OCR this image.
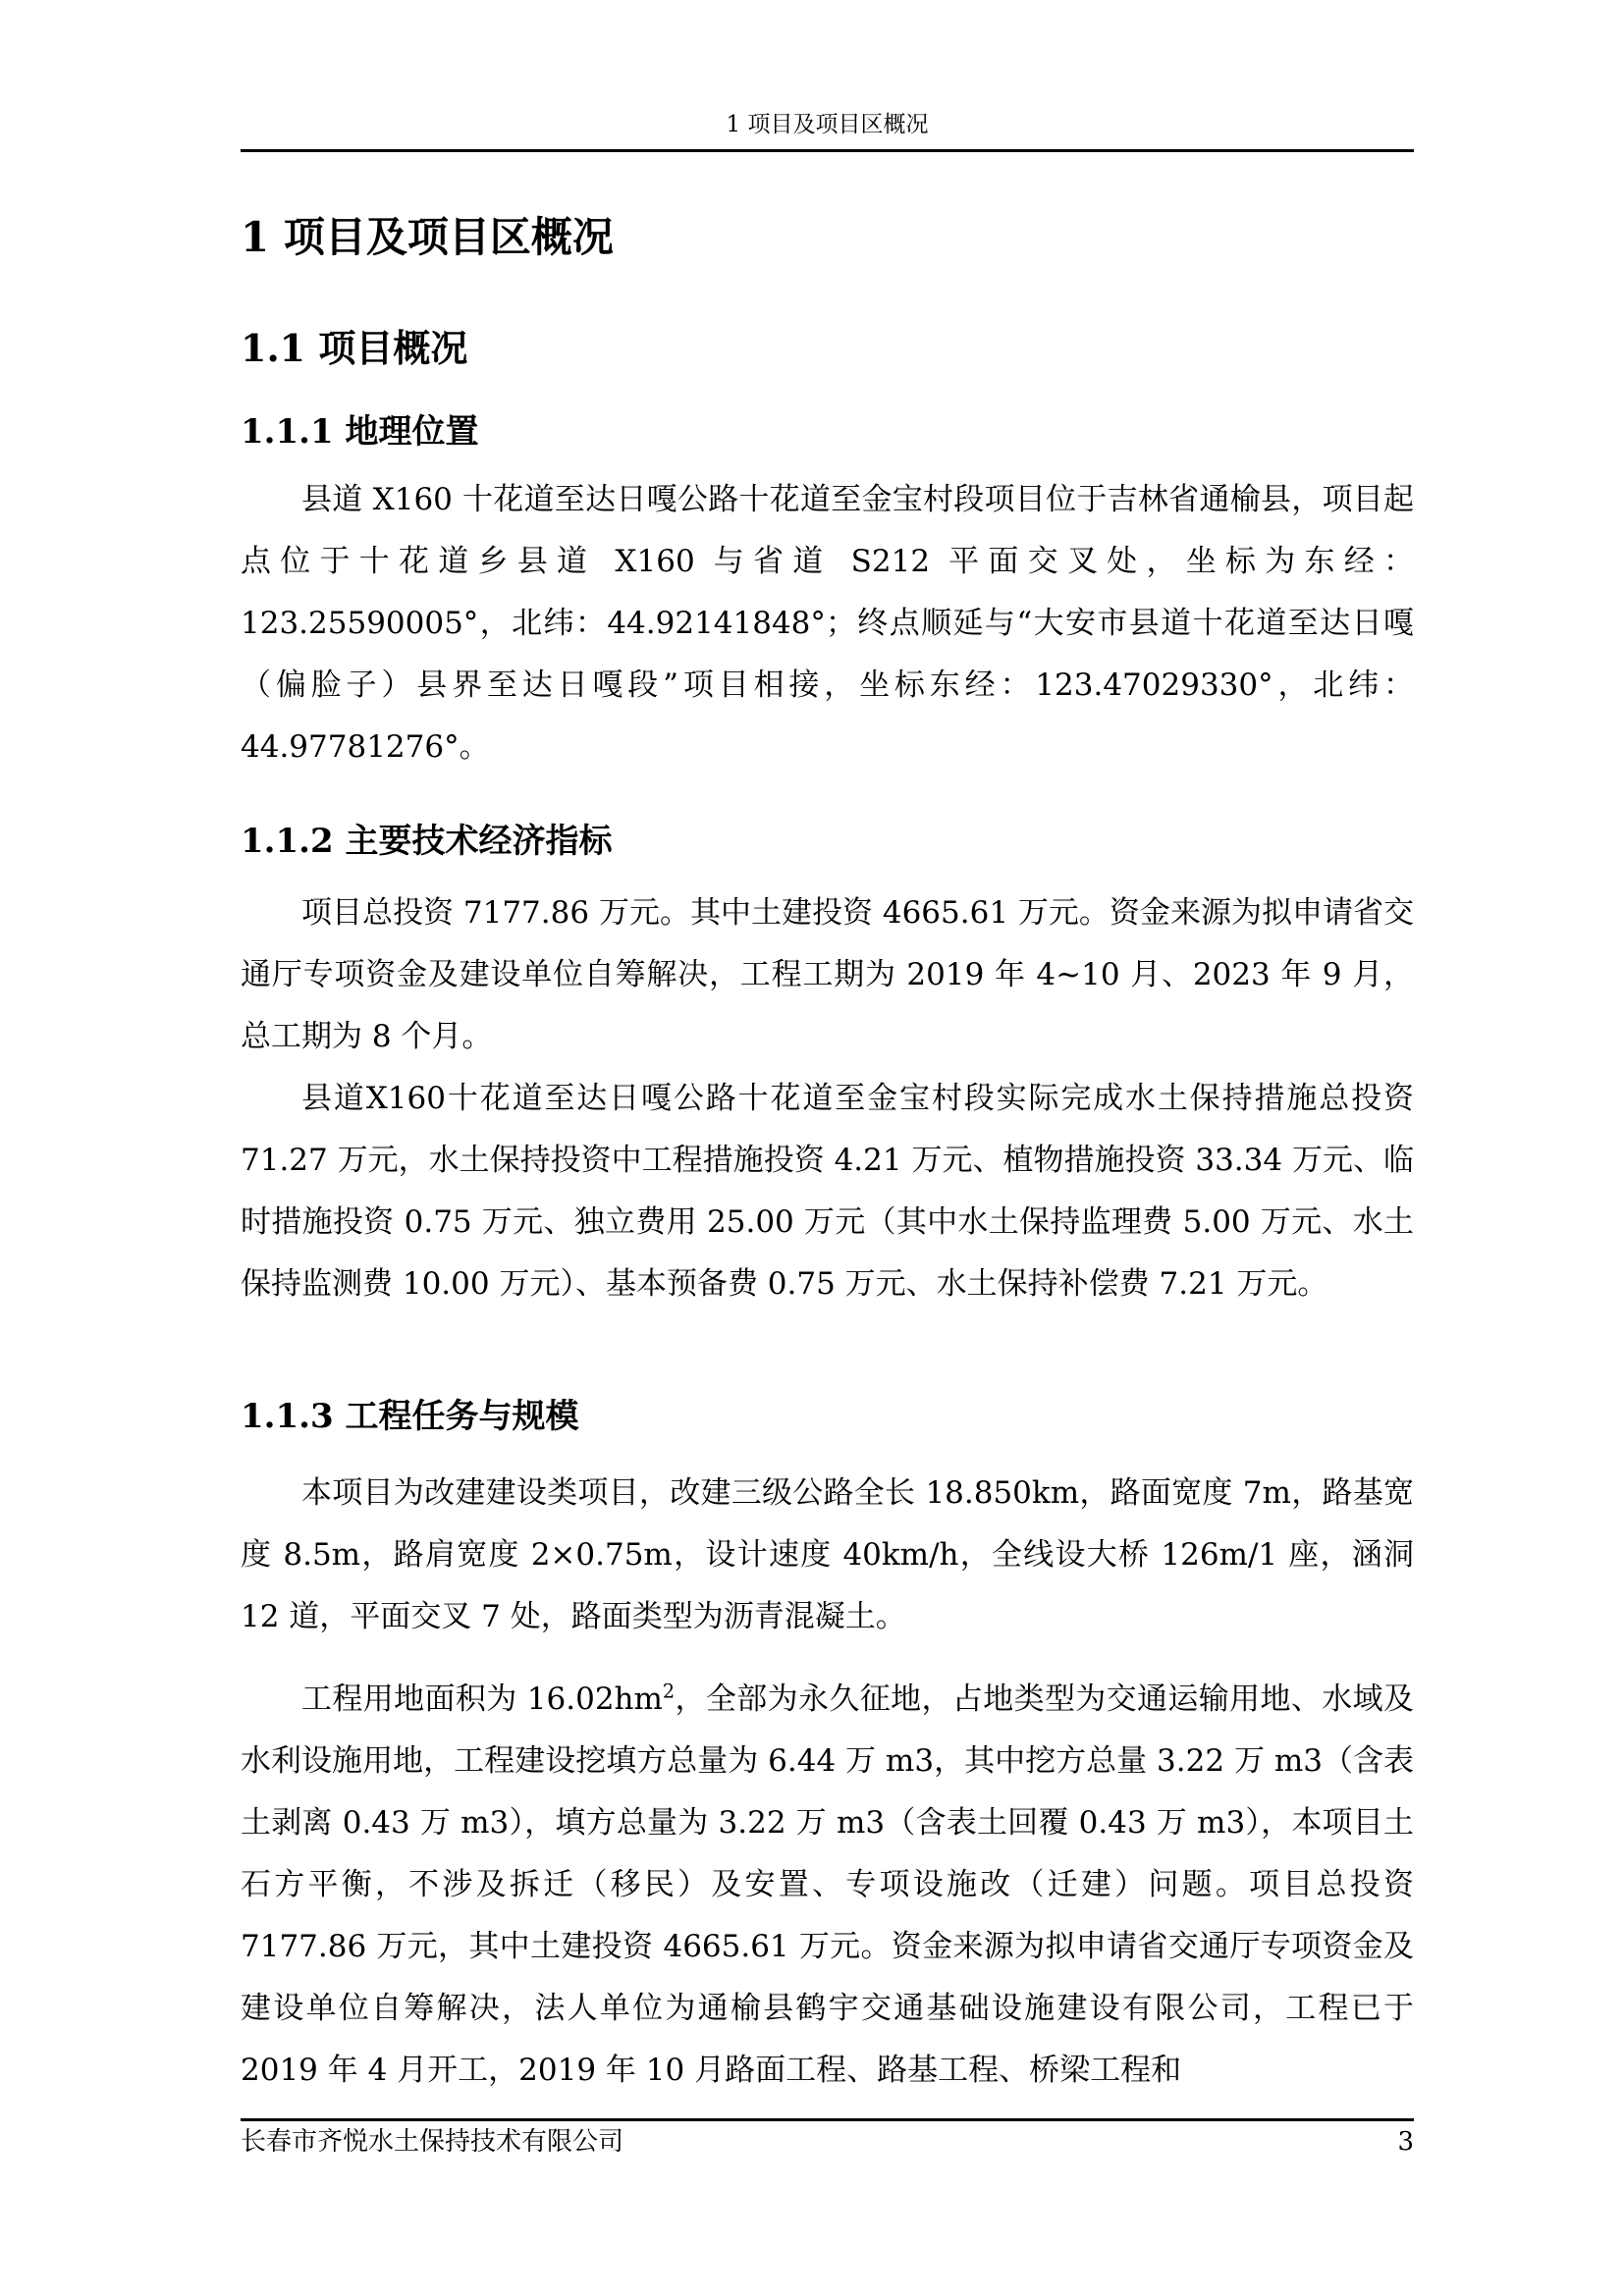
1 项目及项目区概况
1 项目及项目区概况
1.1 项目概况
1.1.1 地理位置

县道 X160 十花道至达日嘎公路十花道至金宝村段项目位于吉林省通榆县，项目起点位于十花道乡县道 X160 与省道 S212 平面交叉处，坐标为东经：123.25590005°，北纬：44.92141848°；终点顺延与“大安市县道十花道至达日嘎（偏脸子）县界至达日嘎段”项目相接，坐标东经：123.47029330°，北纬：44.97781276°。

1.1.2 主要技术经济指标

项目总投资 7177.86 万元。其中土建投资 4665.61 万元。资金来源为拟申请省交通厅专项资金及建设单位自筹解决，工程工期为 2019 年 4~10 月、2023 年 9 月，总工期为 8 个月。

县道X160十花道至达日嘎公路十花道至金宝村段实际完成水土保持措施总投资 71.27 万元，水土保持投资中工程措施投资 4.21 万元、植物措施投资 33.34 万元、临时措施投资 0.75 万元、独立费用 25.00 万元（其中水土保持监理费 5.00 万元、水土保持监测费 10.00 万元）、基本预备费 0.75 万元、水土保持补偿费 7.21 万元。

1.1.3 工程任务与规模

本项目为改建建设类项目，改建三级公路全长 18.850km，路面宽度 7m，路基宽度 8.5m，路肩宽度 2×0.75m，设计速度 40km/h，全线设大桥 126m/1 座，涵洞 12 道，平面交叉 7 处，路面类型为沥青混凝土。

工程用地面积为 $16.02hm^2$，全部为永久征地，占地类型为交通运输用地、水域及水利设施用地，工程建设挖填方总量为 6.44 万 m3，其中挖方总量 3.22 万 m3（含表土剥离 0.43 万 m3），填方总量为 3.22 万 m3（含表土回覆 0.43 万 m3），本项目土石方平衡，不涉及拆迁（移民）及安置、专项设施改（迁建）问题。项目总投资 7177.86 万元，其中土建投资 4665.61 万元。资金来源为拟申请省交通厅专项资金及建设单位自筹解决，法人单位为通榆县鹤宇交通基础设施建设有限公司，工程已于 2019 年 4 月开工，2019 年 10 月路面工程、路基工程、桥梁工程和

长春市齐悦水土保持技术有限公司	3
